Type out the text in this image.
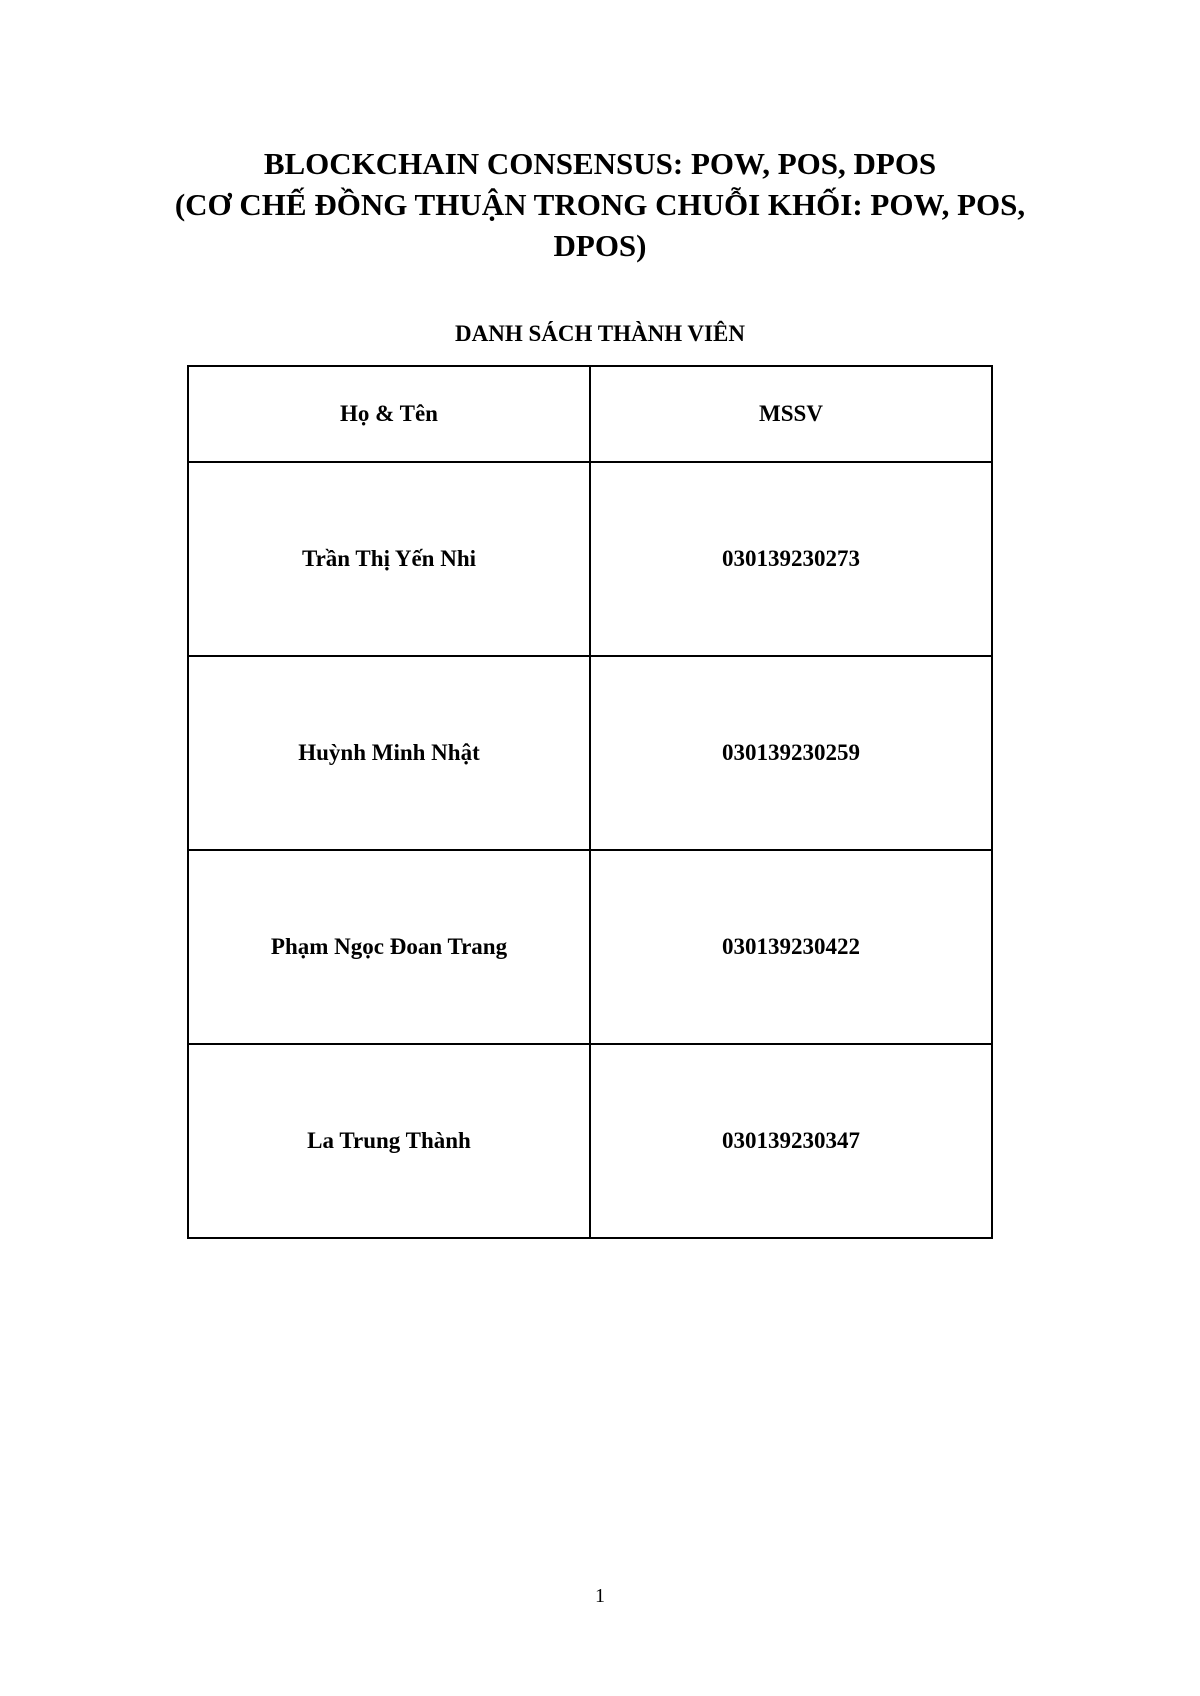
BLOCKCHAIN CONSENSUS: POW, POS, DPOS
(CƠ CHẾ ĐỒNG THUẬN TRONG CHUỖI KHỐI: POW, POS,
DPOS)
DANH SÁCH THÀNH VIÊN
Họ & Tên	MSSV
Trần Thị Yến Nhi	030139230273
Huỳnh Minh Nhật	030139230259
Phạm Ngọc Đoan Trang	030139230422
La Trung Thành	030139230347
1
